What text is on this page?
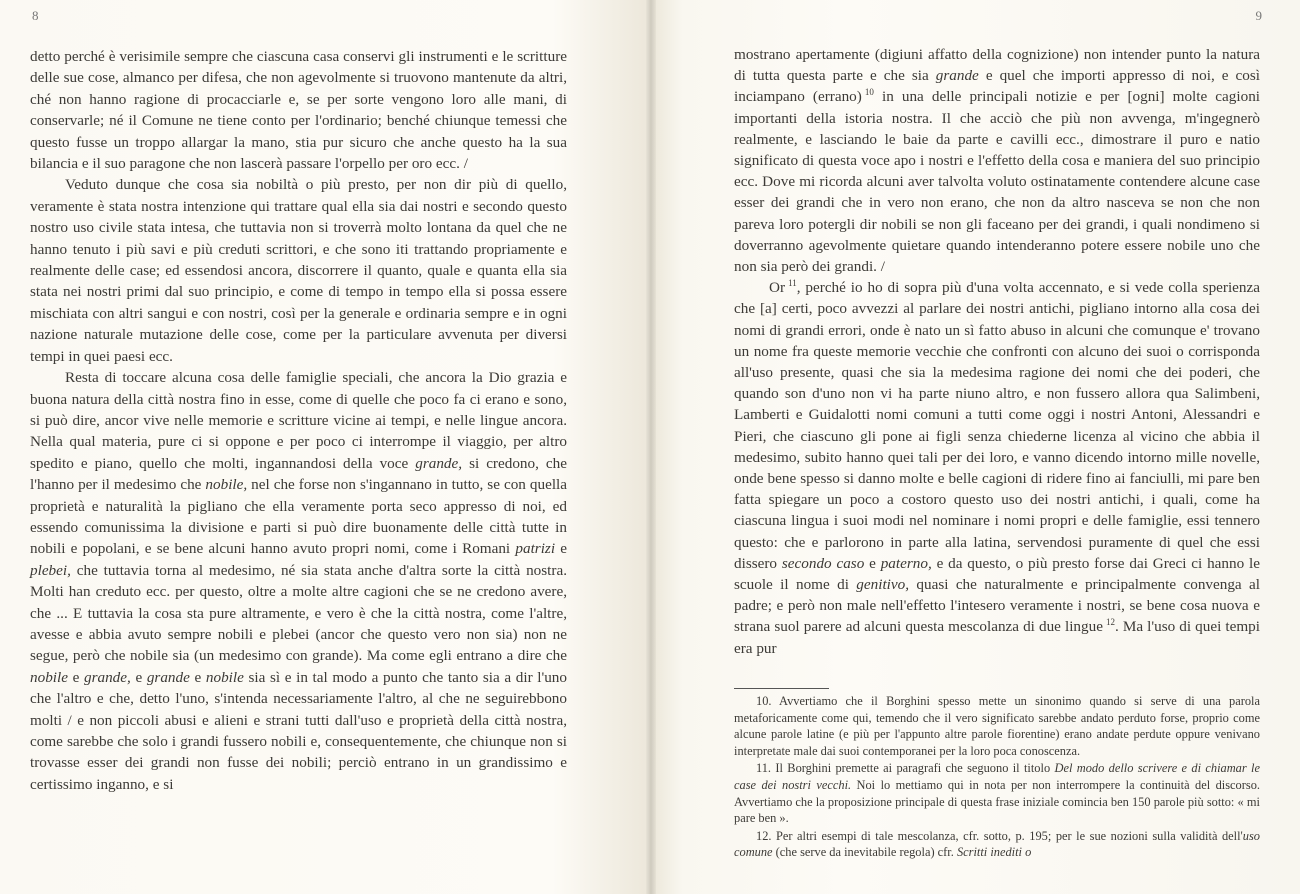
8

detto perché è verisimile sempre che ciascuna casa conservi gli instrumenti e le scritture delle sue cose, almanco per difesa, che non agevolmente si truovono mantenute da altri, ché non hanno ragione di procacciarle e, se per sorte vengono loro alle mani, di conservarle; né il Comune ne tiene conto per l'ordinario; benché chiunque temessi che questo fusse un troppo allargar la mano, stia pur sicuro che anche questo ha la sua bilancia e il suo paragone che non lascerà passare l'orpello per oro ecc. /

Veduto dunque che cosa sia nobiltà o più presto, per non dir più di quello, veramente è stata nostra intenzione qui trattare qual ella sia dai nostri e secondo questo nostro uso civile stata intesa, che tuttavia non si troverrà molto lontana da quel che ne hanno tenuto i più savi e più creduti scrittori, e che sono iti trattando propriamente e realmente delle case; ed essendosi ancora, discorrere il quanto, quale e quanta ella sia stata nei nostri primi dal suo principio, e come di tempo in tempo ella si possa essere mischiata con altri sangui e con nostri, così per la generale e ordinaria sempre e in ogni nazione naturale mutazione delle cose, come per la particulare avvenuta per diversi tempi in quei paesi ecc.

Resta di toccare alcuna cosa delle famiglie speciali, che ancora la Dio grazia e buona natura della città nostra fino in esse, come di quelle che poco fa ci erano e sono, si può dire, ancor vive nelle memorie e scritture vicine ai tempi, e nelle lingue ancora. Nella qual materia, pure ci si oppone e per poco ci interrompe il viaggio, per altro spedito e piano, quello che molti, ingannandosi della voce grande, si credono, che l'hanno per il medesimo che nobile, nel che forse non s'ingannano in tutto, se con quella proprietà e naturalità la pigliano che ella veramente porta seco appresso di noi, ed essendo comunissima la divisione e parti si può dire buonamente delle città tutte in nobili e popolani, e se bene alcuni hanno avuto propri nomi, come i Romani patrizi e plebei, che tuttavia torna al medesimo, né sia stata anche d'altra sorte la città nostra. Molti han creduto ecc. per questo, oltre a molte altre cagioni che se ne credono avere, che ... E tuttavia la cosa sta pure altramente, e vero è che la città nostra, come l'altre, avesse e abbia avuto sempre nobili e plebei (ancor che questo vero non sia) non ne segue, però che nobile sia (un medesimo con grande). Ma come egli entrano a dire che nobile e grande, e grande e nobile sia sì e in tal modo a punto che tanto sia a dir l'uno che l'altro e che, detto l'uno, s'intenda necessariamente l'altro, al che ne seguirebbono molti / e non piccoli abusi e alieni e strani tutti dall'uso e proprietà della città nostra, come sarebbe che solo i grandi fussero nobili e, consequentemente, che chiunque non si trovasse esser dei grandi non fusse dei nobili; perciò entrano in un grandissimo e certissimo inganno, e si

9

mostrano apertamente (digiuni affatto della cognizione) non intender punto la natura di tutta questa parte e che sia grande e quel che importi appresso di noi, e così inciampano (errano)  $^{10}$ in una delle principali notizie e per [ogni] molte cagioni importanti della istoria nostra. Il che acciò che più non avvenga, m'ingegnerò realmente, e lasciando le baie da parte e cavilli ecc., dimostrare il puro e natio significato di questa voce apo i nostri e l'effetto della cosa e maniera del suo principio ecc. Dove mi ricorda alcuni aver talvolta voluto ostinatamente contendere alcune case esser dei grandi che in vero non erano, che non da altro nasceva se non che non pareva loro potergli dir nobili se non gli faceano per dei grandi, i quali nondimeno si doverranno agevolmente quietare quando intenderanno potere essere nobile uno che non sia però dei grandi. /

Or  $^{11}$, perché io ho di sopra più d'una volta accennato, e si vede colla sperienza che [a] certi, poco avvezzi al parlare dei nostri antichi, pigliano intorno alla cosa dei nomi di grandi errori, onde è nato un sì fatto abuso in alcuni che comunque e' trovano un nome fra queste memorie vecchie che confronti con alcuno dei suoi o corrisponda all'uso presente, quasi che sia la medesima ragione dei nomi che dei poderi, che quando son d'uno non vi ha parte niuno altro, e non fussero allora qua Salimbeni, Lamberti e Guidalotti nomi comuni a tutti come oggi i nostri Antoni, Alessandri e Pieri, che ciascuno gli pone ai figli senza chiederne licenza al vicino che abbia il medesimo, subito hanno quei tali per dei loro, e vanno dicendo intorno mille novelle, onde bene spesso si danno molte e belle cagioni di ridere fino ai fanciulli, mi pare ben fatta spiegare un poco a costoro questo uso dei nostri antichi, i quali, come ha ciascuna lingua i suoi modi nel nominare i nomi propri e delle famiglie, essi tennero questo: che e parlorono in parte alla latina, servendosi puramente di quel che essi dissero secondo caso e paterno, e da questo, o più presto forse dai Greci ci hanno le scuole il nome di genitivo, quasi che naturalmente e principalmente convenga al padre; e però non male nell'effetto l'intesero veramente i nostri, se bene cosa nuova e strana suol parere ad alcuni questa mescolanza di due lingue  $^{12}$. Ma l'uso di quei tempi era pur

10. Avvertiamo che il Borghini spesso mette un sinonimo quando si serve di una parola metaforicamente come qui, temendo che il vero significato sarebbe andato perduto forse, proprio come alcune parole latine (e più per l'appunto altre parole fiorentine) erano andate perdute oppure venivano interpretate male dai suoi contemporanei per la loro poca conoscenza.

11. Il Borghini premette ai paragrafi che seguono il titolo Del modo dello scrivere e di chiamar le case dei nostri vecchi. Noi lo mettiamo qui in nota per non interrompere la continuità del discorso. Avvertiamo che la proposizione principale di questa frase iniziale comincia ben 150 parole più sotto: « mi pare ben ».

12. Per altri esempi di tale mescolanza, cfr. sotto, p. 195; per le sue nozioni sulla validità dell'uso comune (che serve da inevitabile regola) cfr. Scritti inediti o
